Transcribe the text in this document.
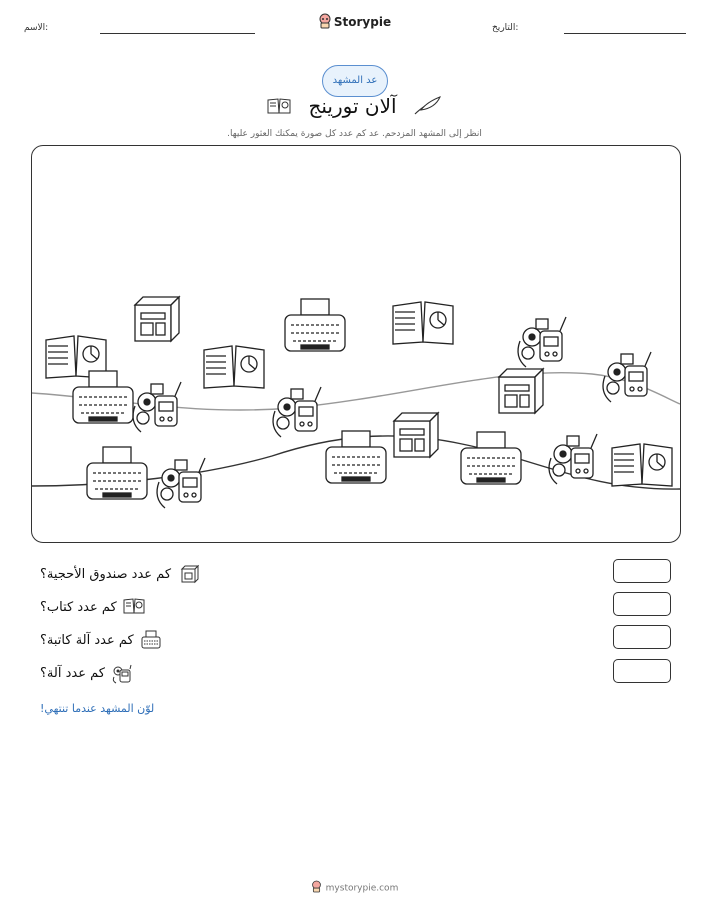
الاسم:	Storypie	التاريخ:
عد المشهد
آلان تورينج
انظر إلى المشهد المزدحم. عد كم عدد كل صورة يمكنك العثور عليها.
كم عدد صندوق الأحجية؟
كم عدد كتاب؟
كم عدد آلة كاتبة؟
كم عدد آلة؟
لوّن المشهد عندما تنتهي!
mystorypie.com
